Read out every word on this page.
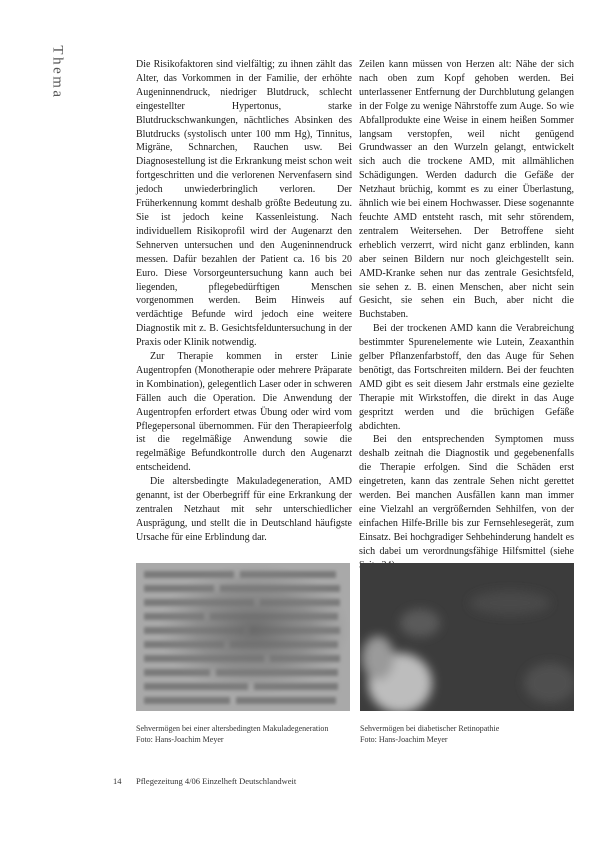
Thema	Die Risikofaktoren sind vielfältig; zu ihnen zählt das Alter, das Vorkommen in der Familie, der erhöhte Augeninnendruck, niedriger Blutdruck, schlecht eingestellter Hypertonus, starke Blutdruckschwankungen, nächtliches Absinken des Blutdrucks (systolisch unter 100 mm Hg), Tinnitus, Migräne, Schnarchen, Rauchen usw. Bei Diagnosestellung ist die Erkrankung meist schon weit fortgeschritten und die verlorenen Nervenfasern sind jedoch unwiederbringlich verloren. Der Früherkennung kommt deshalb größte Bedeutung zu. Sie ist jedoch keine Kassenleistung. Nach individuellem Risikoprofil wird der Augenarzt den Sehnerven untersuchen und den Augeninnendruck messen. Dafür bezahlen der Patient ca. 16 bis 20 Euro. Diese Vorsorgeuntersuchung kann auch bei liegenden, pflegebedürftigen Menschen vorgenommen werden. Beim Hinweis auf verdächtige Befunde wird jedoch eine weitere Diagnostik mit z. B. Gesichtsfelduntersuchung in der Praxis oder Klinik notwendig.

Zur Therapie kommen in erster Linie Augentropfen (Monotherapie oder mehrere Präparate in Kombination), gelegentlich Laser oder in schweren Fällen auch die Operation. Die Anwendung der Augentropfen erfordert etwas Übung oder wird vom Pflegepersonal übernommen. Für den Therapieerfolg ist die regelmäßige Anwendung sowie die regelmäßige Befundkontrolle durch den Augenarzt entscheidend.

Die altersbedingte Makuladegeneration, AMD genannt, ist der Oberbegriff für eine Erkrankung der zentralen Netzhaut mit sehr unterschiedlicher Ausprägung, und stellt die in Deutschland häufigste Ursache für eine Erblindung dar.

Zeilen kann müssen von Herzen alt: Nähe der sich nach oben zum Kopf gehoben werden. Bei unterlassener Entfernung der Durchblutung gelangen in der Folge zu wenige Nährstoffe zum Auge. So wie Abfallprodukte eine Weise in einem heißen Sommer langsam verstopfen, weil nicht genügend Grundwasser an den Wurzeln gelangt, entwickelt sich auch die trockene AMD, mit allmählichen Schädigungen. Werden dadurch die Gefäße der Netzhaut brüchig, kommt es zu einer Überlastung, ähnlich wie bei einem Hochwasser. Diese sogenannte feuchte AMD entsteht rasch, mit sehr störendem, zentralem Weitersehen. Der Betroffene sieht erheblich verzerrt, wird nicht ganz erblinden, kann aber seinen Bildern nur noch gleichgestellt sein. AMD-Kranke sehen nur das zentrale Gesichtsfeld, sie sehen z. B. einen Menschen, aber nicht sein Gesicht, sie sehen ein Buch, aber nicht die Buchstaben.

Bei der trockenen AMD kann die Verabreichung bestimmter Spurenelemente wie Lutein, Zeaxanthin gelber Pflanzenfarbstoff, den das Auge für Sehen benötigt, das Fortschreiten mildern. Bei der feuchten AMD gibt es seit diesem Jahr erstmals eine gezielte Therapie mit Wirkstoffen, die direkt in das Auge gespritzt werden und die brüchigen Gefäße abdichten.

Bei den entsprechenden Symptomen muss deshalb zeitnah die Diagnostik und gegebenenfalls die Therapie erfolgen. Sind die Schäden erst eingetreten, kann das zentrale Sehen nicht gerettet werden. Bei manchen Ausfällen kann man immer eine Vielzahl an vergrößernden Sehhilfen, von der einfachen Hilfe-Brille bis zur Fernsehlesegerät, zum Einsatz. Bei hochgradiger Sehbehinderung handelt es sich dabei um verordnungsfähige Hilfsmittel (siehe

Sehvermögen bei einer altersbedingten Makuladegeneration
Foto: Hans-Joachim Meyer
Sehvermögen bei diabetischer Retinopathie
Foto: Hans-Joachim Meyer
14 Pflegezeitung 4/06 Einzelheft Deutschlandweit
